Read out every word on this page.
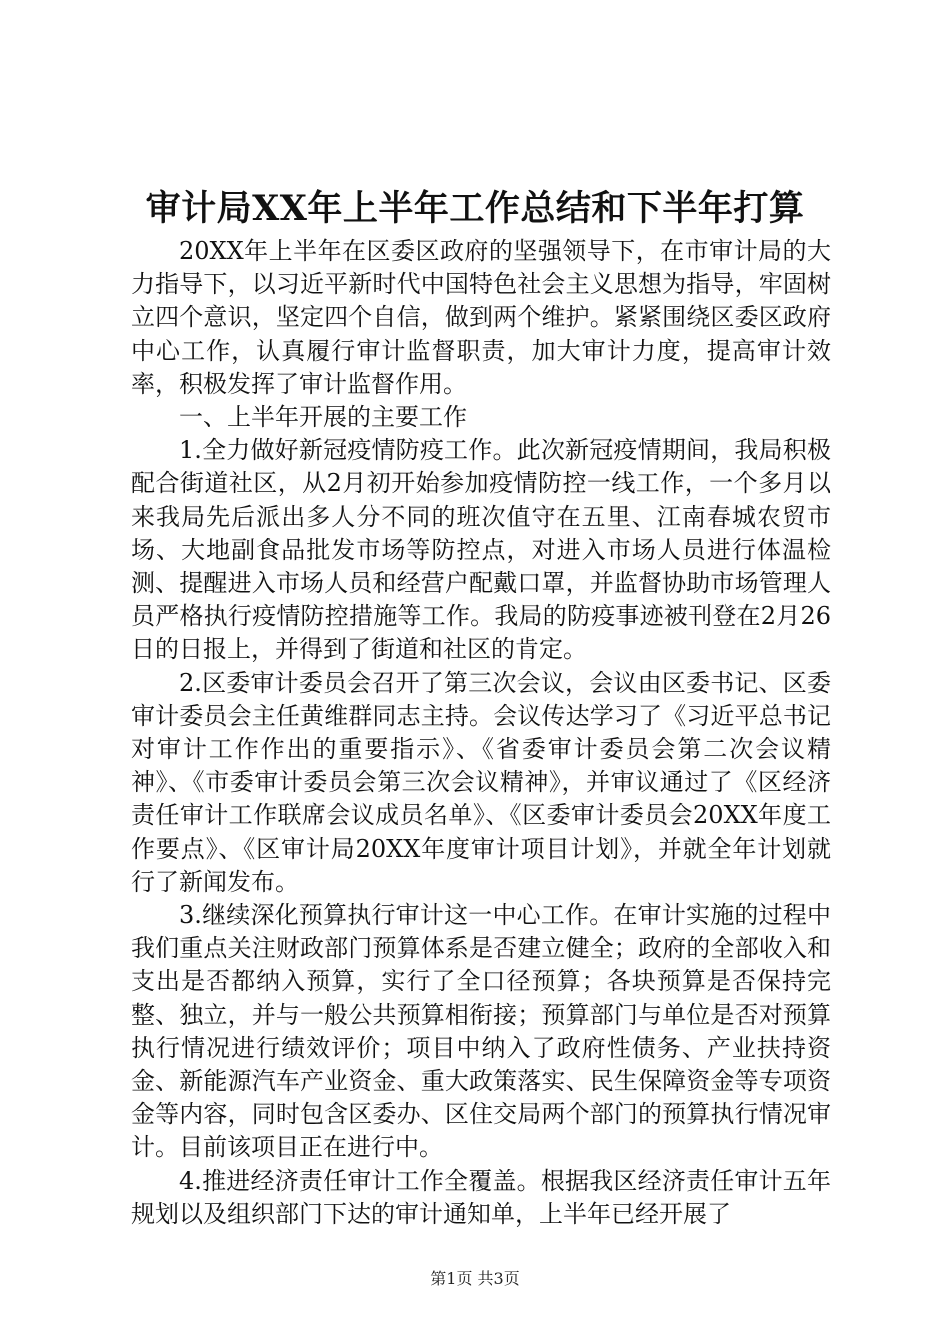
审计局XX年上半年工作总结和下半年打算

20XX年上半年在区委区政府的坚强领导下，在市审计局的大力指导下，以习近平新时代中国特色社会主义思想为指导，牢固树立四个意识，坚定四个自信，做到两个维护。紧紧围绕区委区政府中心工作，认真履行审计监督职责，加大审计力度，提高审计效率，积极发挥了审计监督作用。

一、上半年开展的主要工作

1.全力做好新冠疫情防疫工作。此次新冠疫情期间，我局积极配合街道社区，从2月初开始参加疫情防控一线工作，一个多月以来我局先后派出多人分不同的班次值守在五里、江南春城农贸市场、大地副食品批发市场等防控点，对进入市场人员进行体温检测、提醒进入市场人员和经营户配戴口罩，并监督协助市场管理人员严格执行疫情防控措施等工作。我局的防疫事迹被刊登在2月26日的日报上，并得到了街道和社区的肯定。

2.区委审计委员会召开了第三次会议，会议由区委书记、区委审计委员会主任黄维群同志主持。会议传达学习了《习近平总书记对审计工作作出的重要指示》、《省委审计委员会第二次会议精神》、《市委审计委员会第三次会议精神》，并审议通过了《区经济责任审计工作联席会议成员名单》、《区委审计委员会20XX年度工作要点》、《区审计局20XX年度审计项目计划》，并就全年计划就行了新闻发布。

3.继续深化预算执行审计这一中心工作。在审计实施的过程中我们重点关注财政部门预算体系是否建立健全；政府的全部收入和支出是否都纳入预算，实行了全口径预算；各块预算是否保持完整、独立，并与一般公共预算相衔接；预算部门与单位是否对预算执行情况进行绩效评价；项目中纳入了政府性债务、产业扶持资金、新能源汽车产业资金、重大政策落实、民生保障资金等专项资金等内容，同时包含区委办、区住交局两个部门的预算执行情况审计。目前该项目正在进行中。

4.推进经济责任审计工作全覆盖。根据我区经济责任审计五年规划以及组织部门下达的审计通知单，上半年已经开展了

第1页 共3页
